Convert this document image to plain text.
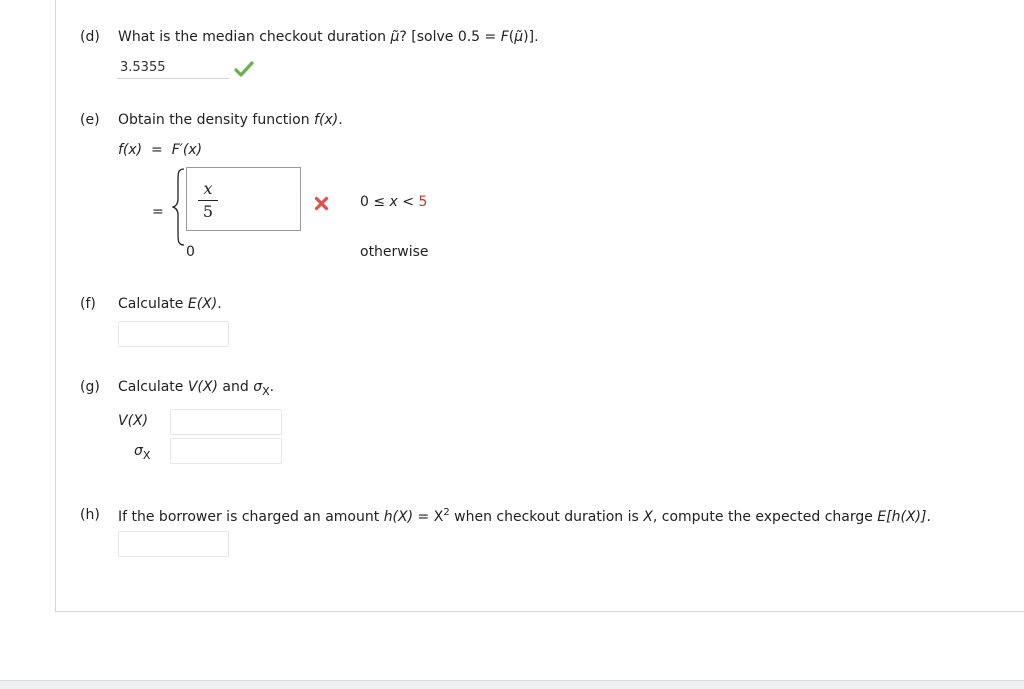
(d) What is the median checkout duration μ̃? [solve 0.5 = F(μ̃)].
3.5355
(e) Obtain the density function f(x).
f(x) = F′(x)
=
x
5	0 ≤ x < 5
0	otherwise
(f) Calculate E(X).
(g) Calculate V(X) and $\sigma_X$.
V(X)
$\sigma_X$
(h) If the borrower is charged an amount $h(X) = X^2$ when checkout duration is X, compute the expected charge E[h(X)].
